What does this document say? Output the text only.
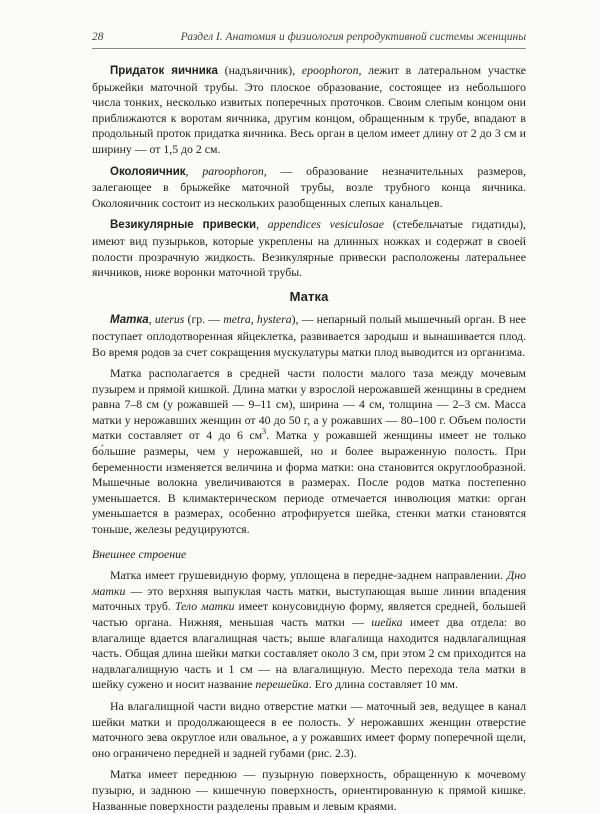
28	Раздел I. Анатомия и физиология репродуктивной системы женщины

Придаток яичника (надъяичник), epoophoron, лежит в латеральном участке брыжейки маточной трубы. Это плоское образование, состоящее из небольшого числа тонких, несколько извитых поперечных проточков. Своим слепым концом они приближаются к воротам яичника, другим концом, обращенным к трубе, впадают в продольный проток придатка яичника. Весь орган в целом имеет длину от 2 до 3 см и ширину — от 1,5 до 2 см.

Околояичник, paroophoron, — образование незначительных размеров, залегающее в брыжейке маточной трубы, возле трубного конца яичника. Околояичник состоит из нескольких разобщенных слепых канальцев.

Везикулярные привески, appendices vesiculosae (стебельчатые гидатиды), имеют вид пузырьков, которые укреплены на длинных ножках и содержат в своей полости прозрачную жидкость. Везикулярные привески расположены латеральнее яичников, ниже воронки маточной трубы.

Матка

Матка, uterus (гр. — metra, hystera), — непарный полый мышечный орган. В нее поступает оплодотворенная яйцеклетка, развивается зародыш и вынашивается плод. Во время родов за счет сокращения мускулатуры матки плод выводится из организма.

Матка располагается в средней части полости малого таза между мочевым пузырем и прямой кишкой. Длина матки у взрослой нерожавшей женщины в среднем равна 7–8 см (у рожавшей — 9–11 см), ширина — 4 см, толщина — 2–3 см. Масса матки у нерожавших женщин от 40 до 50 г, а у рожавших — 80–100 г. Объем полости матки составляет от 4 до 6 $см^3$. Матка у рожавшей женщины имеет не только бо́льшие размеры, чем у нерожавшей, но и более выраженную полость. При беременности изменяется величина и форма матки: она становится округлообразной. Мышечные волокна увеличиваются в размерах. После родов матка постепенно уменьшается. В климактерическом периоде отмечается инволюция матки: орган уменьшается в размерах, особенно атрофируется шейка, стенки матки становятся тоньше, железы редуцируются.

Внешнее строение

Матка имеет грушевидную форму, уплощена в передне-заднем направлении. Дно матки — это верхняя выпуклая часть матки, выступающая выше линии впадения маточных труб. Тело матки имеет конусовидную форму, является средней, большей частью органа. Нижняя, меньшая часть матки — шейка имеет два отдела: во влагалище вдается влагалищная часть; выше влагалища находится надвлагалищная часть. Общая длина шейки матки составляет около 3 см, при этом 2 см приходится на надвлагалищную часть и 1 см — на влагалищную. Место перехода тела матки в шейку сужено и носит название перешейка. Его длина составляет 10 мм.

На влагалищной части видно отверстие матки — маточный зев, ведущее в канал шейки матки и продолжающееся в ее полость. У нерожавших женщин отверстие маточного зева округлое или овальное, а у рожавших имеет форму поперечной щели, оно ограничено передней и задней губами (рис. 2.3).

Матка имеет переднюю — пузырную поверхность, обращенную к мочевому пузырю, и заднюю — кишечную поверхность, ориентированную к прямой кишке. Названные поверхности разделены правым и левым краями.
